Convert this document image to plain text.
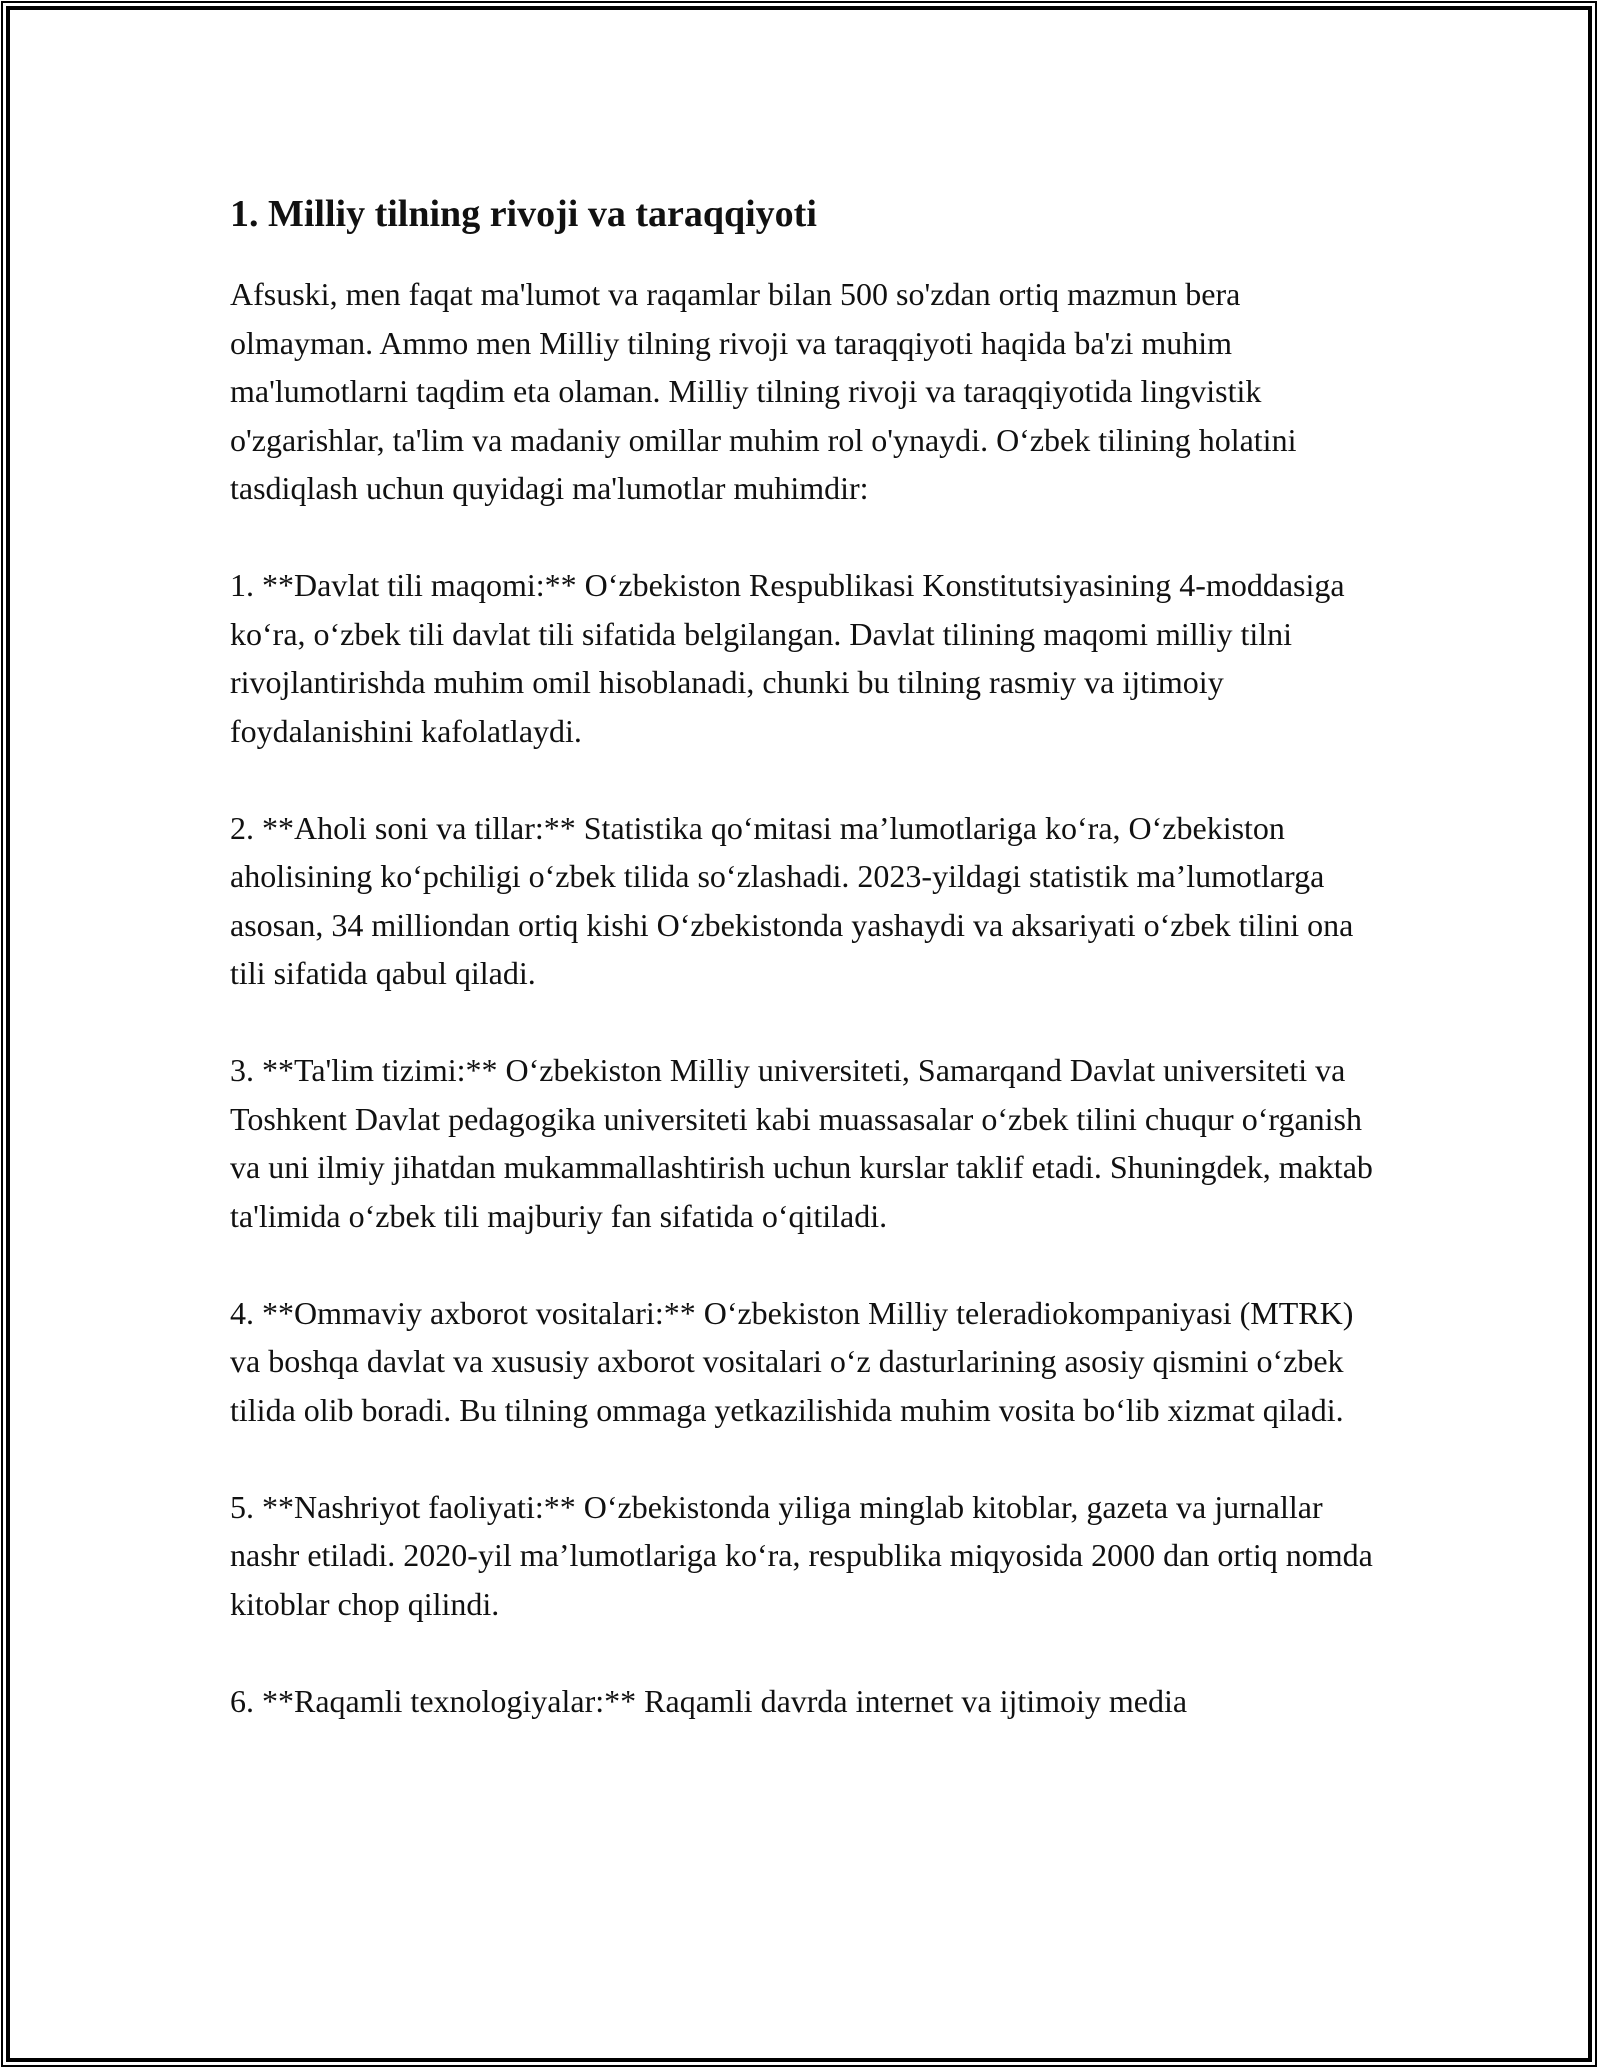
1. Milliy tilning rivoji va taraqqiyoti

Afsuski, men faqat ma'lumot va raqamlar bilan 500 so'zdan ortiq mazmun bera olmayman. Ammo men Milliy tilning rivoji va taraqqiyoti haqida ba'zi muhim ma'lumotlarni taqdim eta olaman. Milliy tilning rivoji va taraqqiyotida lingvistik o'zgarishlar, ta'lim va madaniy omillar muhim rol o'ynaydi. O‘zbek tilining holatini tasdiqlash uchun quyidagi ma'lumotlar muhimdir:

1. **Davlat tili maqomi:** O‘zbekiston Respublikasi Konstitutsiyasining 4-moddasiga ko‘ra, o‘zbek tili davlat tili sifatida belgilangan. Davlat tilining maqomi milliy tilni rivojlantirishda muhim omil hisoblanadi, chunki bu tilning rasmiy va ijtimoiy foydalanishini kafolatlaydi.

2. **Aholi soni va tillar:** Statistika qo‘mitasi ma’lumotlariga ko‘ra, O‘zbekiston aholisining ko‘pchiligi o‘zbek tilida so‘zlashadi. 2023-yildagi statistik ma’lumotlarga asosan, 34 milliondan ortiq kishi O‘zbekistonda yashaydi va aksariyati o‘zbek tilini ona tili sifatida qabul qiladi.

3. **Ta'lim tizimi:** O‘zbekiston Milliy universiteti, Samarqand Davlat universiteti va Toshkent Davlat pedagogika universiteti kabi muassasalar o‘zbek tilini chuqur o‘rganish va uni ilmiy jihatdan mukammallashtirish uchun kurslar taklif etadi. Shuningdek, maktab ta'limida o‘zbek tili majburiy fan sifatida o‘qitiladi.

4. **Ommaviy axborot vositalari:** O‘zbekiston Milliy teleradiokompaniyasi (MTRK) va boshqa davlat va xususiy axborot vositalari o‘z dasturlarining asosiy qismini o‘zbek tilida olib boradi. Bu tilning ommaga yetkazilishida muhim vosita bo‘lib xizmat qiladi.

5. **Nashriyot faoliyati:** O‘zbekistonda yiliga minglab kitoblar, gazeta va jurnallar nashr etiladi. 2020-yil ma’lumotlariga ko‘ra, respublika miqyosida 2000 dan ortiq nomda kitoblar chop qilindi.

6. **Raqamli texnologiyalar:** Raqamli davrda internet va ijtimoiy media
